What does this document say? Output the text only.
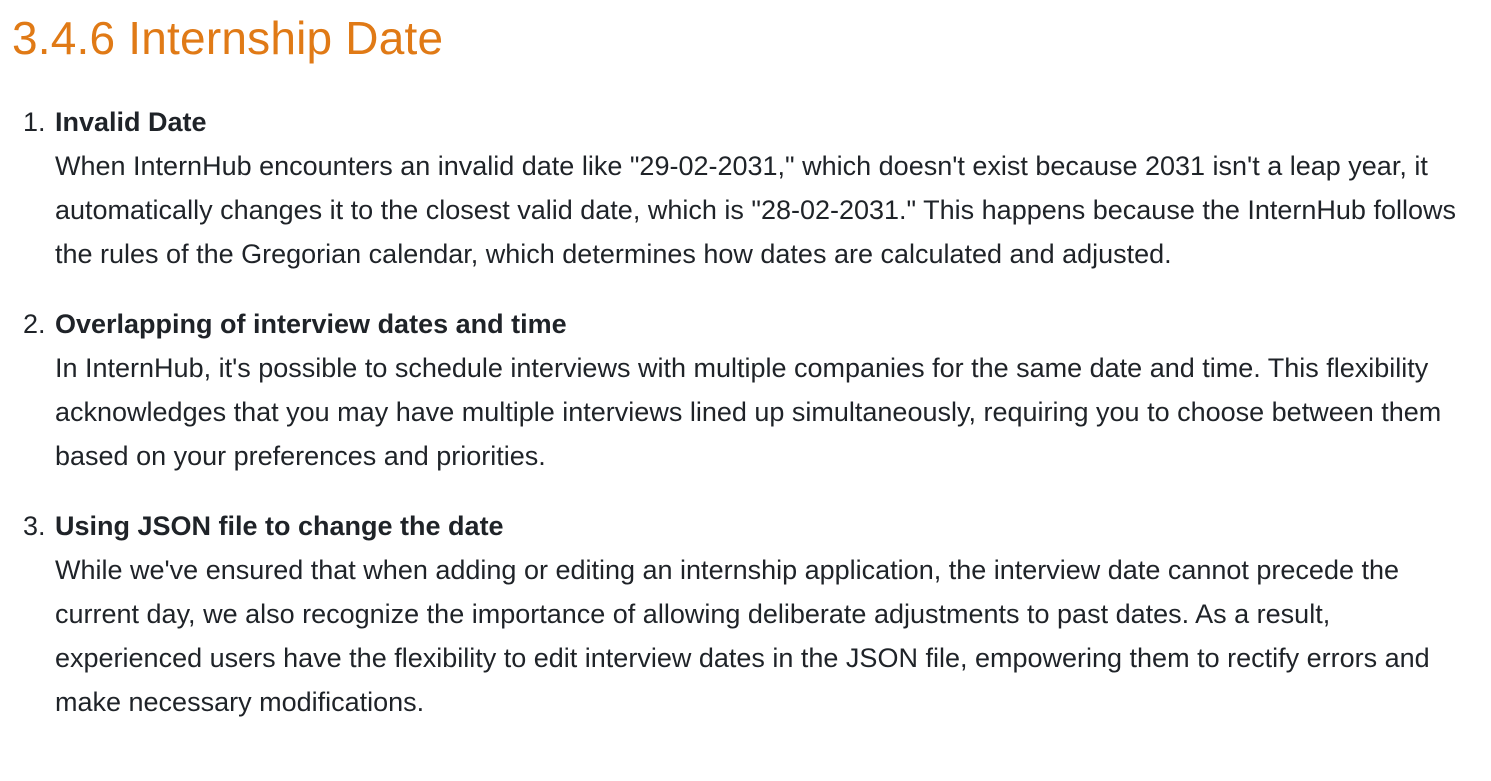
3.4.6 Internship Date
1. Invalid Date

When InternHub encounters an invalid date like "29-02-2031," which doesn't exist because 2031 isn't a leap year, it automatically changes it to the closest valid date, which is "28-02-2031." This happens because the InternHub follows the rules of the Gregorian calendar, which determines how dates are calculated and adjusted.

2. Overlapping of interview dates and time

In InternHub, it's possible to schedule interviews with multiple companies for the same date and time. This flexibility acknowledges that you may have multiple interviews lined up simultaneously, requiring you to choose between them based on your preferences and priorities.

3. Using JSON file to change the date

While we've ensured that when adding or editing an internship application, the interview date cannot precede the current day, we also recognize the importance of allowing deliberate adjustments to past dates. As a result, experienced users have the flexibility to edit interview dates in the JSON file, empowering them to rectify errors and make necessary modifications.
